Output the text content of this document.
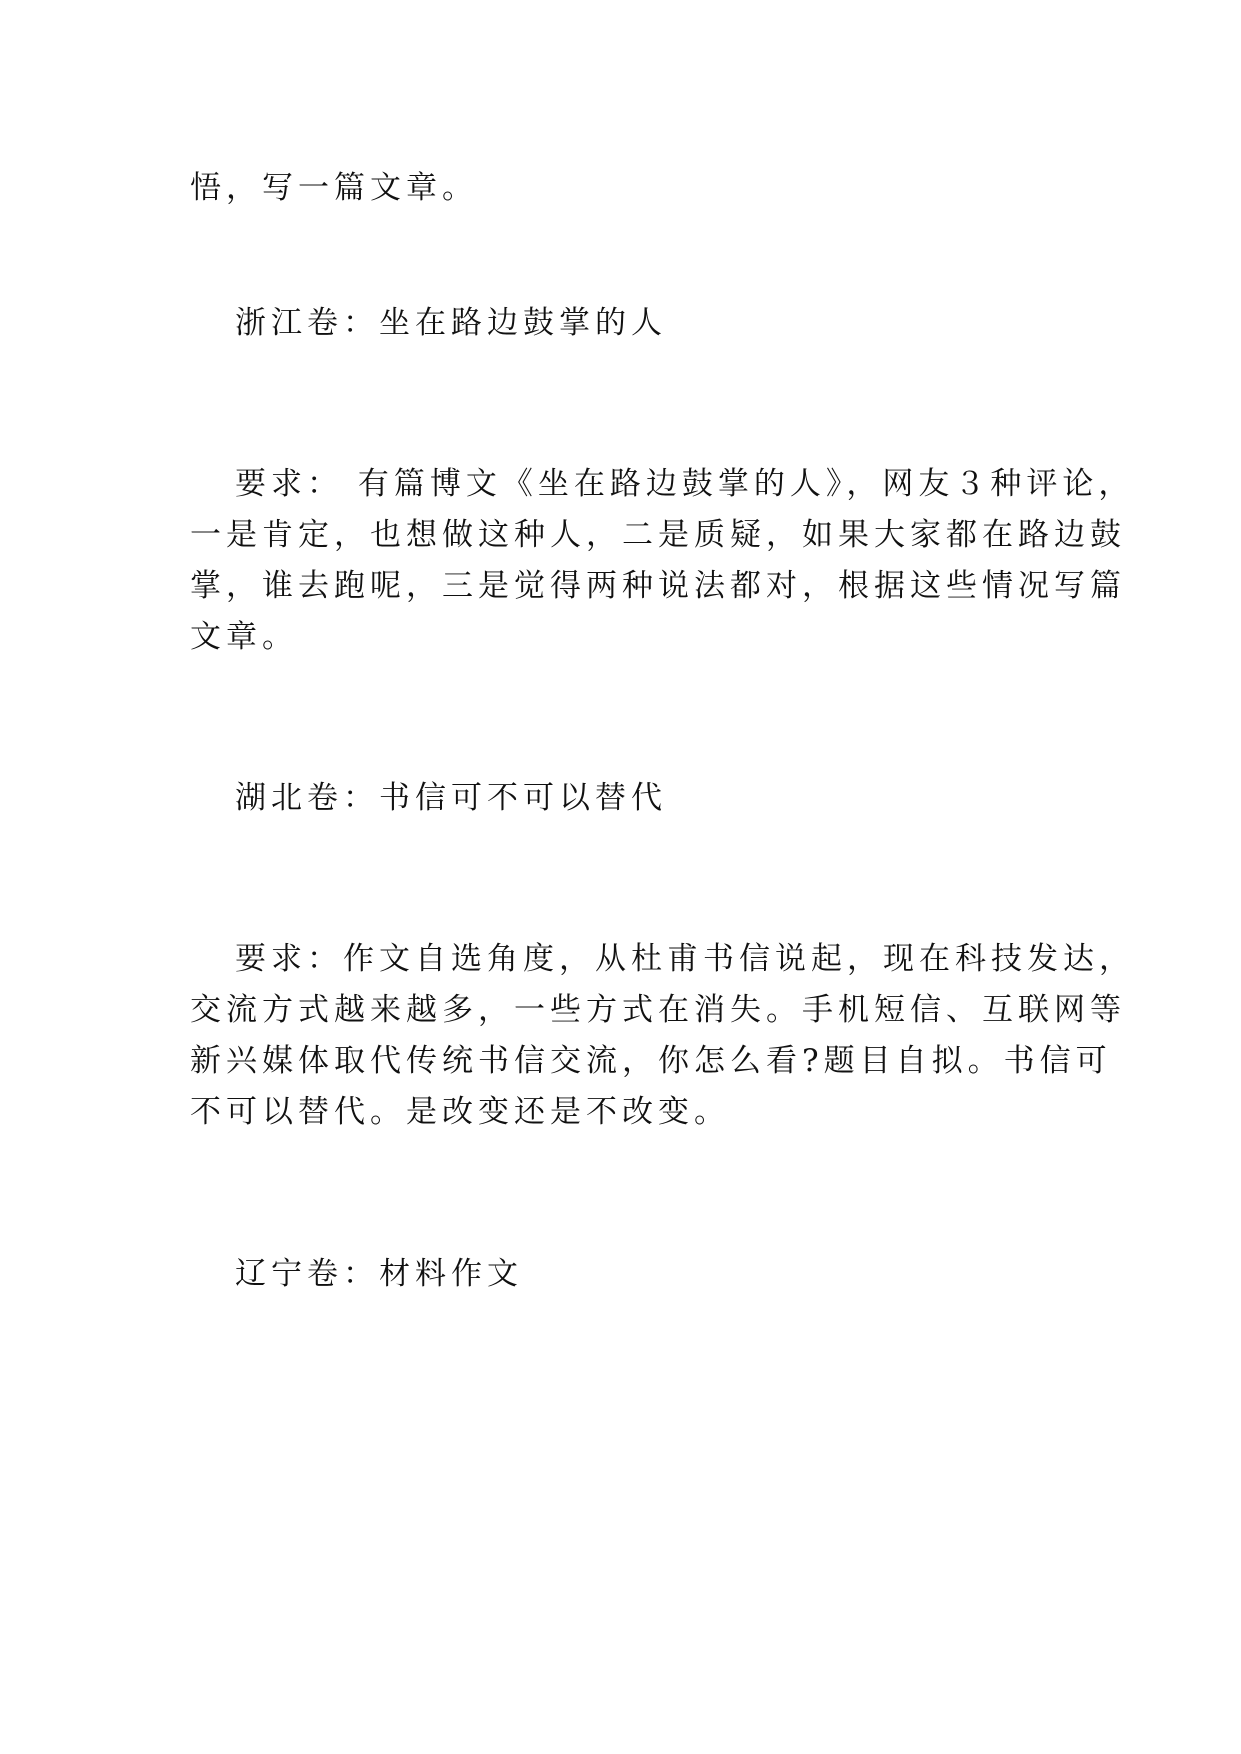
悟，写一篇文章。

浙江卷：坐在路边鼓掌的人

要求： 有篇博文《坐在路边鼓掌的人》，网友３种评论，

一是肯定，也想做这种人，二是质疑，如果大家都在路边鼓

掌，谁去跑呢，三是觉得两种说法都对，根据这些情况写篇

文章。

湖北卷：书信可不可以替代

要求：作文自选角度，从杜甫书信说起，现在科技发达，

交流方式越来越多，一些方式在消失。手机短信、互联网等

新兴媒体取代传统书信交流，你怎么看?题目自拟。书信可

不可以替代。是改变还是不改变。

辽宁卷：材料作文
